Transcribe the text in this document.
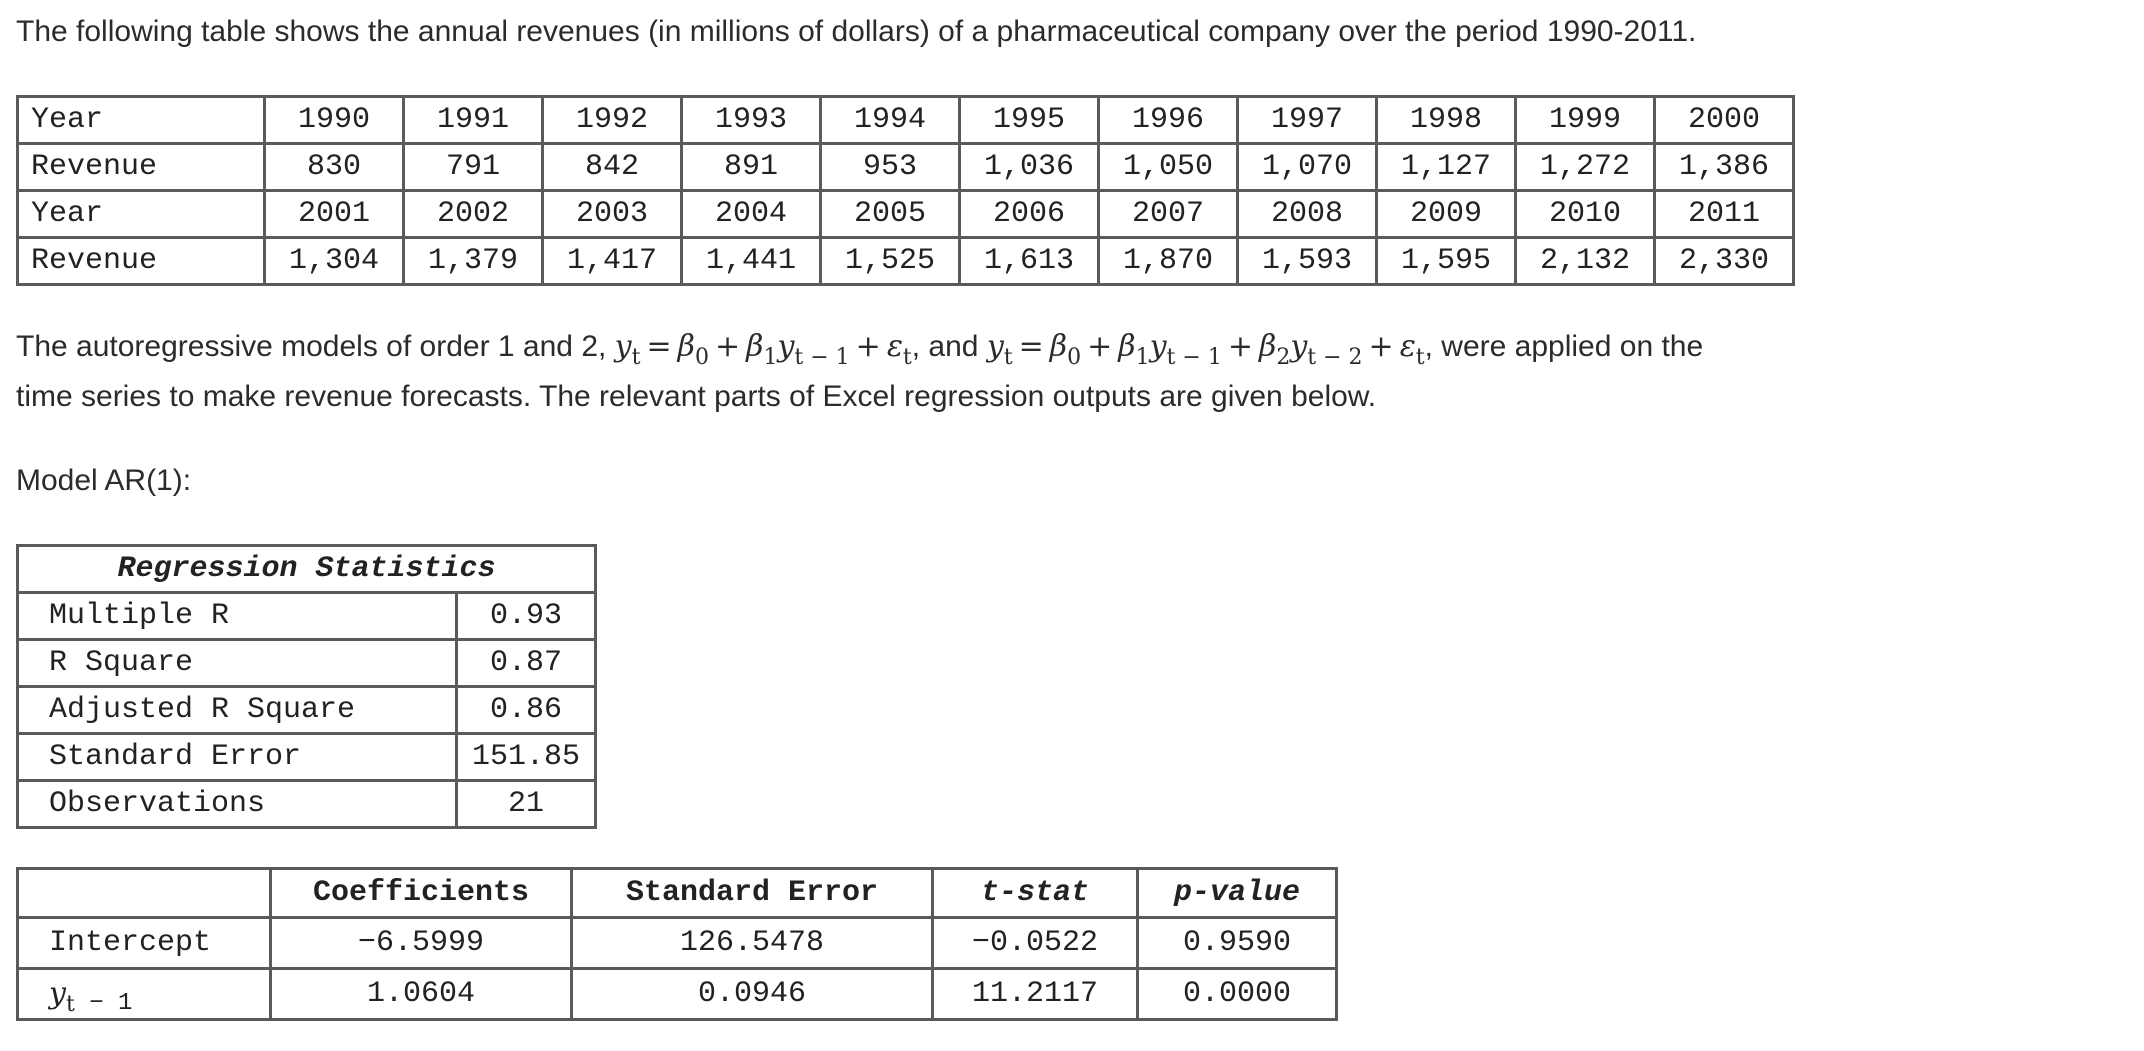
The following table shows the annual revenues (in millions of dollars) of a pharmaceutical company over the period 1990-2011.

Year	1990	1991	1992	1993	1994	1995	1996	1997	1998	1999	2000
Revenue	830	791	842	891	953	1,036	1,050	1,070	1,127	1,272	1,386
Year	2001	2002	2003	2004	2005	2006	2007	2008	2009	2010	2011
Revenue	1,304	1,379	1,417	1,441	1,525	1,613	1,870	1,593	1,595	2,132	2,330

The autoregressive models of order 1 and 2, $y_t = \beta_0 + \beta_1y_{t - 1} + \varepsilon_t$, and $y_t = \beta_0 + \beta_1y_{t - 1} + \beta_2y_{t - 2} + \varepsilon_t$, were applied on the

time series to make revenue forecasts. The relevant parts of Excel regression outputs are given below.

Model AR(1):

Regression Statistics	
Multiple R	0.93
R Square	0.87
Adjusted R Square	0.86
Standard Error	151.85
Observations	21
	Coefficients	Standard Error	t-stat	p-value
Intercept	−6.5999	126.5478	−0.0522	0.9590
$y_t$ $_{- 1}$	1.0604	0.0946	11.2117	0.0000
